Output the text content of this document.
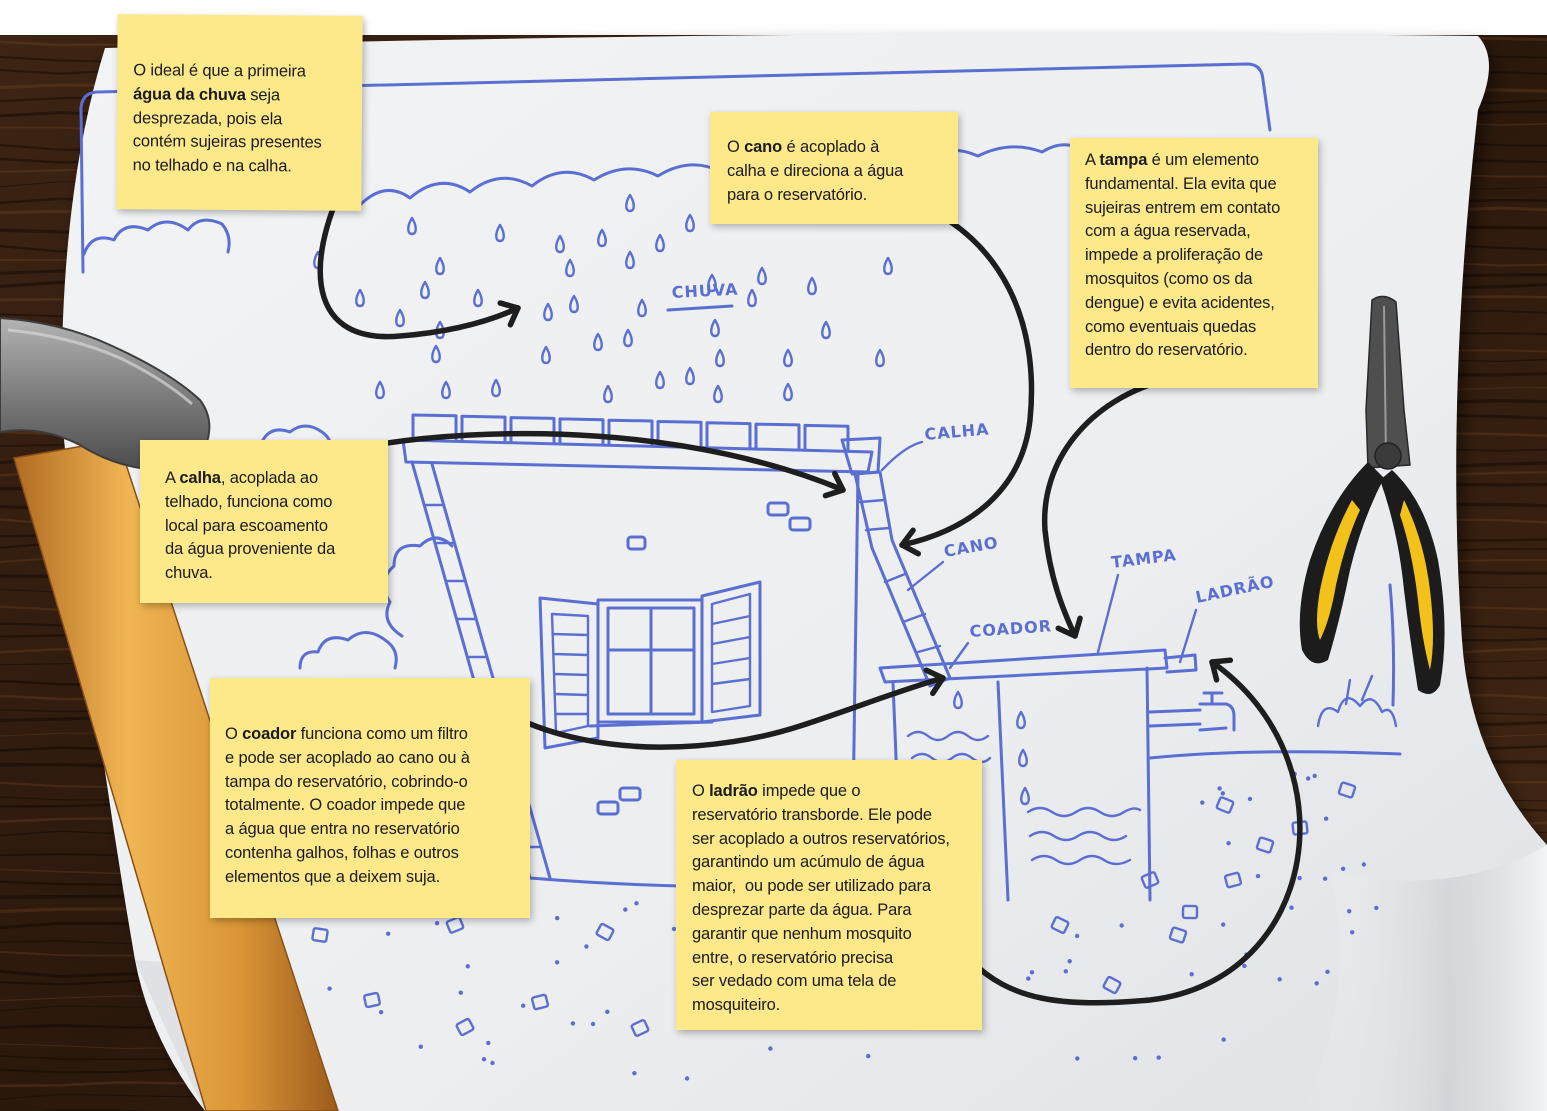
CHUVA
CALHA
CANO
COADOR
TAMPA
LADRÃO

O ideal é que a primeira
água da chuva seja
desprezada, pois ela
contém sujeiras presentes
no telhado e na calha.

O cano é acoplado à
calha e direciona a água
para o reservatório.

A tampa é um elemento
fundamental. Ela evita que
sujeiras entrem em contato
com a água reservada,
impede a proliferação de
mosquitos (como os da
dengue) e evita acidentes,
como eventuais quedas
dentro do reservatório.

A calha, acoplada ao
telhado, funciona como
local para escoamento
da água proveniente da
chuva.

O coador funciona como um filtro
e pode ser acoplado ao cano ou à
tampa do reservatório, cobrindo-o
totalmente. O coador impede que
a água que entra no reservatório
contenha galhos, folhas e outros
elementos que a deixem suja.

O ladrão impede que o
reservatório transborde. Ele pode
ser acoplado a outros reservatórios,
garantindo um acúmulo de água
maior,  ou pode ser utilizado para
desprezar parte da água. Para
garantir que nenhum mosquito
entre, o reservatório precisa
ser vedado com uma tela de
mosquiteiro.
